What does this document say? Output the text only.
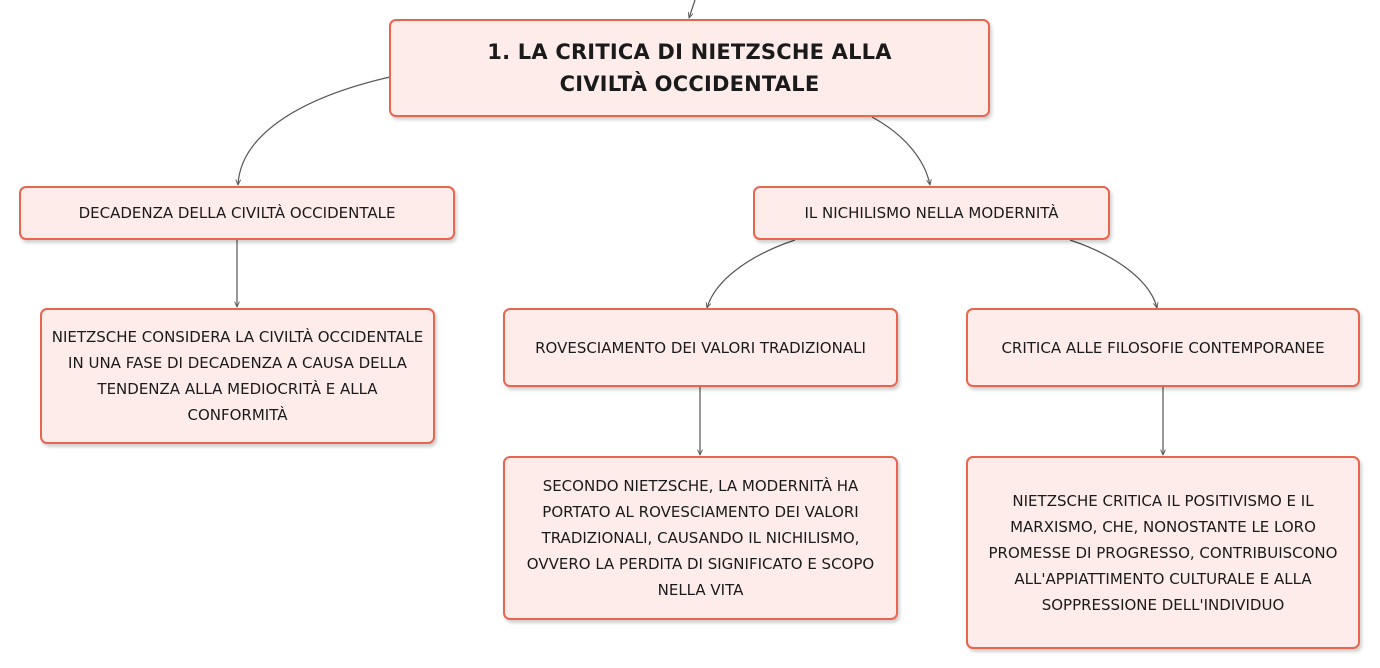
1. LA CRITICA DI NIETZSCHE ALLA CIVILTÀ OCCIDENTALE
DECADENZA DELLA CIVILTÀ OCCIDENTALE	IL NICHILISMO NELLA MODERNITÀ
NIETZSCHE CONSIDERA LA CIVILTÀ OCCIDENTALE IN UNA FASE DI DECADENZA A CAUSA DELLA TENDENZA ALLA MEDIOCRITÀ E ALLA CONFORMITÀ
ROVESCIAMENTO DEI VALORI TRADIZIONALI	CRITICA ALLE FILOSOFIE CONTEMPORANEE
SECONDO NIETZSCHE, LA MODERNITÀ HA PORTATO AL ROVESCIAMENTO DEI VALORI TRADIZIONALI, CAUSANDO IL NICHILISMO, OVVERO LA PERDITA DI SIGNIFICATO E SCOPO NELLA VITA
NIETZSCHE CRITICA IL POSITIVISMO E IL MARXISMO, CHE, NONOSTANTE LE LORO PROMESSE DI PROGRESSO, CONTRIBUISCONO ALL'APPIATTIMENTO CULTURALE E ALLA SOPPRESSIONE DELL'INDIVIDUO
